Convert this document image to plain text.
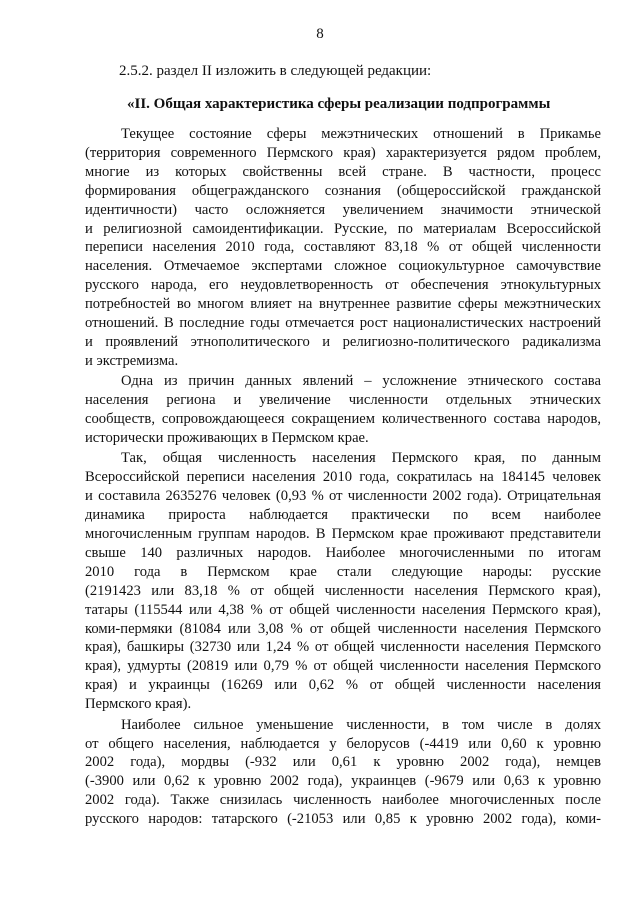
8
2.5.2. раздел II изложить в следующей редакции:
«II. Общая характеристика сферы реализации подпрограммы

Текущее состояние сферы межэтнических отношений в Прикамье
(территория современного Пермского края) характеризуется рядом проблем,
многие из которых свойственны всей стране. В частности, процесс
формирования общегражданского сознания (общероссийской гражданской
идентичности) часто осложняется увеличением значимости этнической
и религиозной самоидентификации. Русские, по материалам Всероссийской
переписи населения 2010 года, составляют 83,18 % от общей численности
населения. Отмечаемое экспертами сложное социокультурное самочувствие
русского народа, его неудовлетворенность от обеспечения этнокультурных
потребностей во многом влияет на внутреннее развитие сферы межэтнических
отношений. В последние годы отмечается рост националистических настроений
и проявлений этнополитического и религиозно-политического радикализма
и экстремизма.

Одна из причин данных явлений – усложнение этнического состава
населения региона и увеличение численности отдельных этнических
сообществ, сопровождающееся сокращением количественного состава народов,
исторически проживающих в Пермском крае.

Так, общая численность населения Пермского края, по данным
Всероссийской переписи населения 2010 года, сократилась на 184145 человек
и составила 2635276 человек (0,93 % от численности 2002 года). Отрицательная
динамика прироста наблюдается практически по всем наиболее
многочисленным группам народов. В Пермском крае проживают представители
свыше 140 различных народов. Наиболее многочисленными по итогам
2010 года в Пермском крае стали следующие народы: русские
(2191423 или 83,18 % от общей численности населения Пермского края),
татары (115544 или 4,38 % от общей численности населения Пермского края),
коми-пермяки (81084 или 3,08 % от общей численности населения Пермского
края), башкиры (32730 или 1,24 % от общей численности населения Пермского
края), удмурты (20819 или 0,79 % от общей численности населения Пермского
края) и украинцы (16269 или 0,62 % от общей численности населения
Пермского края).

Наиболее сильное уменьшение численности, в том числе в долях
от общего населения, наблюдается у белорусов (-4419 или 0,60 к уровню
2002 года), мордвы (-932 или 0,61 к уровню 2002 года), немцев
(-3900 или 0,62 к уровню 2002 года), украинцев (-9679 или 0,63 к уровню
2002 года). Также снизилась численность наиболее многочисленных после
русского народов: татарского (-21053 или 0,85 к уровню 2002 года), коми-
